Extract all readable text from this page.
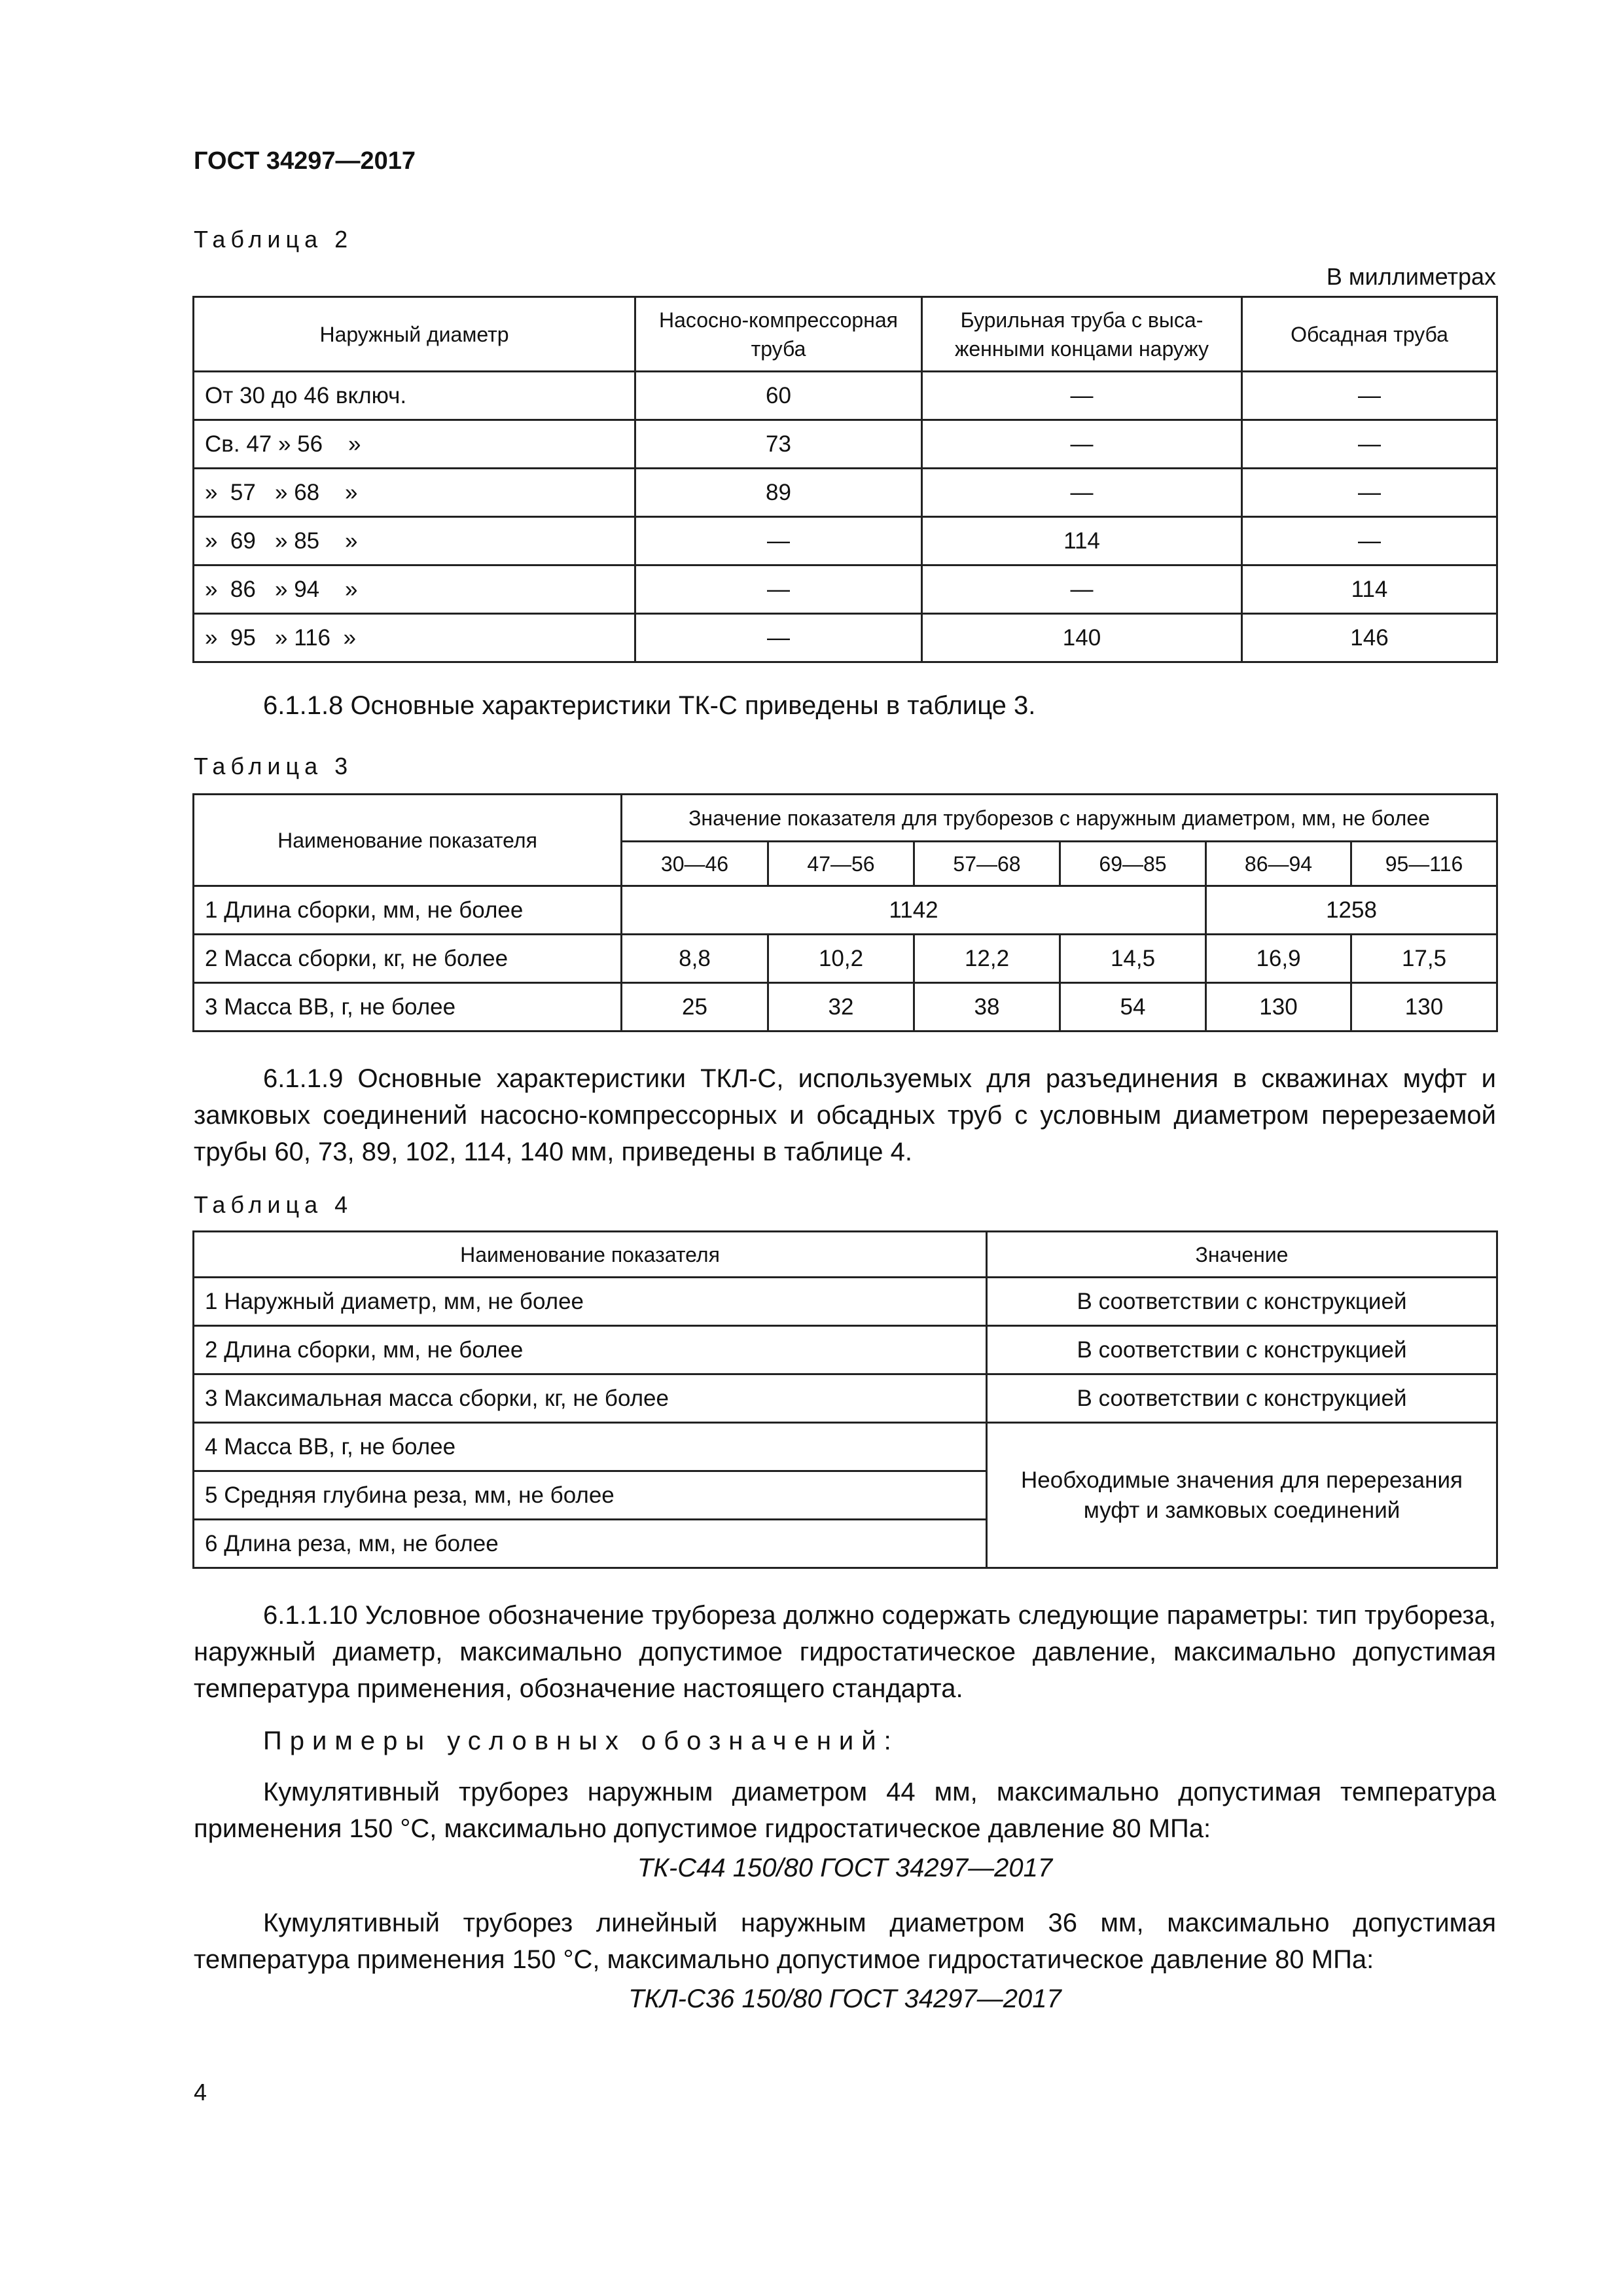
ГОСТ 34297—2017
Таблица 2
В миллиметрах
Наружный диаметр	Насосно-компрессорная труба	Бурильная труба с выса-женными концами наружу	Обсадная труба
От 30 до 46 включ.	60	—	—
Св. 47 » 56    »	73	—	—
»  57   » 68    »	89	—	—
»  69   » 85    »	—	114	—
»  86   » 94    »	—	—	114
»  95   » 116  »	—	140	146
6.1.1.8 Основные характеристики ТК-С приведены в таблице 3.
Таблица 3
Наименование показателя	Значение показателя для труборезов с наружным диаметром, мм, не более					
	30—46	47—56	57—68	69—85	86—94	95—116
1 Длина сборки, мм, не более	1142				1258	
2 Масса сборки, кг, не более	8,8	10,2	12,2	14,5	16,9	17,5
3 Масса ВВ, г, не более	25	32	38	54	130	130
6.1.1.9 Основные характеристики ТКЛ-С, используемых для разъединения в скважинах муфт и замковых соединений насосно-компрессорных и обсадных труб с условным диаметром перерезаемой трубы 60, 73, 89, 102, 114, 140 мм, приведены в таблице 4.
Таблица 4
Наименование показателя	Значение
1 Наружный диаметр, мм, не более	В соответствии с конструкцией
2 Длина сборки, мм, не более	В соответствии с конструкцией
3 Максимальная масса сборки, кг, не более	В соответствии с конструкцией
4 Масса ВВ, г, не более	Необходимые значения для перерезания муфт и замковых соединений
5 Средняя глубина реза, мм, не более	
6 Длина реза, мм, не более	
6.1.1.10 Условное обозначение трубореза должно содержать следующие параметры: тип трубореза, наружный диаметр, максимально допустимое гидростатическое давление, максимально допустимая температура применения, обозначение настоящего стандарта.
Примеры условных обозначений:
Кумулятивный труборез наружным диаметром 44 мм, максимально допустимая температура применения 150 °С, максимально допустимое гидростатическое давление 80 МПа:
ТК-С44 150/80 ГОСТ 34297—2017
Кумулятивный труборез линейный наружным диаметром 36 мм, максимально допустимая температура применения 150 °С, максимально допустимое гидростатическое давление 80 МПа:
ТКЛ-С36 150/80 ГОСТ 34297—2017
4
